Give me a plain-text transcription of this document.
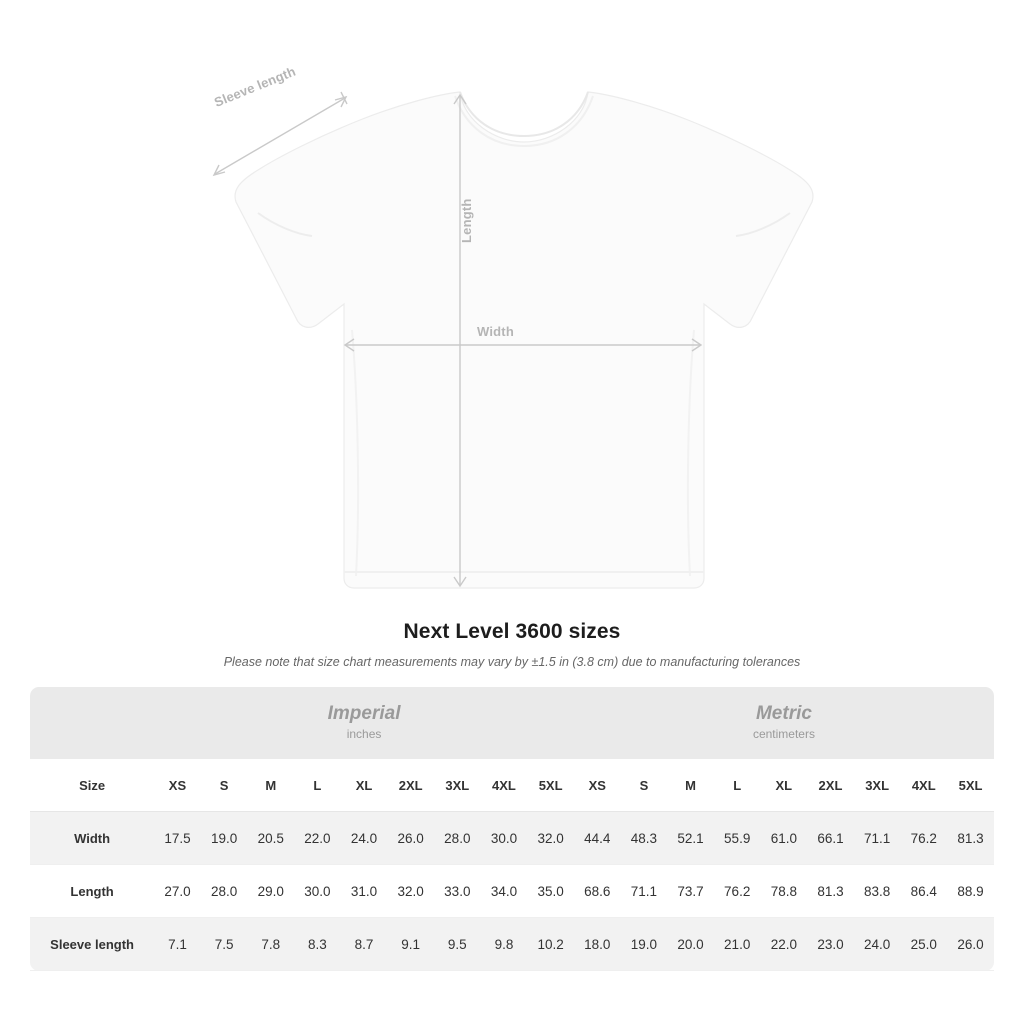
Width
Length
Sleeve length
Next Level 3600 sizes
Please note that size chart measurements may vary by ±1.5 in (3.8 cm) due to manufacturing tolerances

Imperial
inches

Metric
centimeters

Size	XS	S	M	L	XL	2XL	3XL	4XL	5XL	XS	S	M	L	XL	2XL	3XL	4XL	5XL
Width	17.5	19.0	20.5	22.0	24.0	26.0	28.0	30.0	32.0	44.4	48.3	52.1	55.9	61.0	66.1	71.1	76.2	81.3
Length	27.0	28.0	29.0	30.0	31.0	32.0	33.0	34.0	35.0	68.6	71.1	73.7	76.2	78.8	81.3	83.8	86.4	88.9
Sleeve length	7.1	7.5	7.8	8.3	8.7	9.1	9.5	9.8	10.2	18.0	19.0	20.0	21.0	22.0	23.0	24.0	25.0	26.0
